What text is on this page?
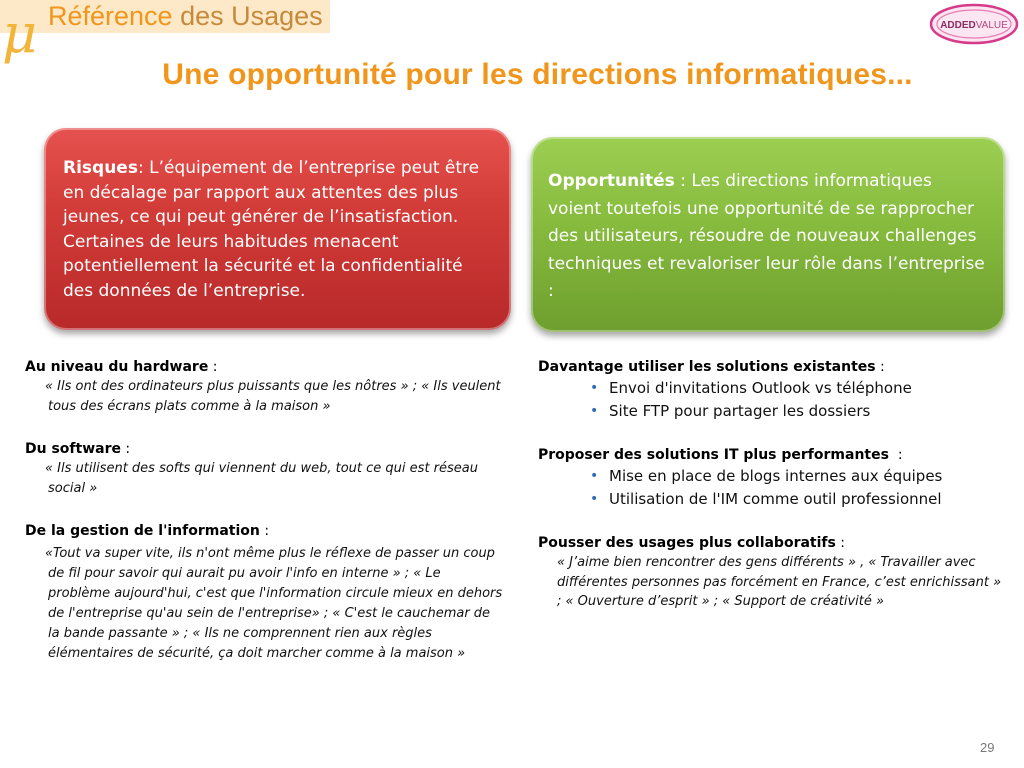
μ Référence des Usages	ADDEDVALUE
Une opportunité pour les directions informatiques...
Risques: L’équipement de l’entreprise peut être en décalage par rapport aux attentes des plus jeunes, ce qui peut générer de l’insatisfaction. Certaines de leurs habitudes menacent potentiellement la sécurité et la confidentialité des données de l’entreprise.
Opportunités : Les directions informatiques voient toutefois une opportunité de se rapprocher des utilisateurs, résoudre de nouveaux challenges techniques et revaloriser leur rôle dans l’entreprise :
Au niveau du hardware :

« Ils ont des ordinateurs plus puissants que les nôtres » ; « Ils veulent tous des écrans plats comme à la maison »

Du software :

« Ils utilisent des softs qui viennent du web, tout ce qui est réseau social »

De la gestion de l'information :

«Tout va super vite, ils n'ont même plus le réflexe de passer un coup de fil pour savoir qui aurait pu avoir l'info en interne » ; « Le problème aujourd'hui, c'est que l'information circule mieux en dehors de l'entreprise qu'au sein de l'entreprise» ; « C'est le cauchemar de la bande passante » ; « Ils ne comprennent rien aux règles élémentaires de sécurité, ça doit marcher comme à la maison »

Davantage utiliser les solutions existantes :
• Envoi d'invitations Outlook vs téléphone
• Site FTP pour partager les dossiers
Proposer des solutions IT plus performantes  :
• Mise en place de blogs internes aux équipes
• Utilisation de l'IM comme outil professionnel
Pousser des usages plus collaboratifs :
« J’aime bien rencontrer des gens différents » , « Travailler avec différentes personnes pas forcément en France, c’est enrichissant » ; « Ouverture d’esprit » ; « Support de créativité »
29
